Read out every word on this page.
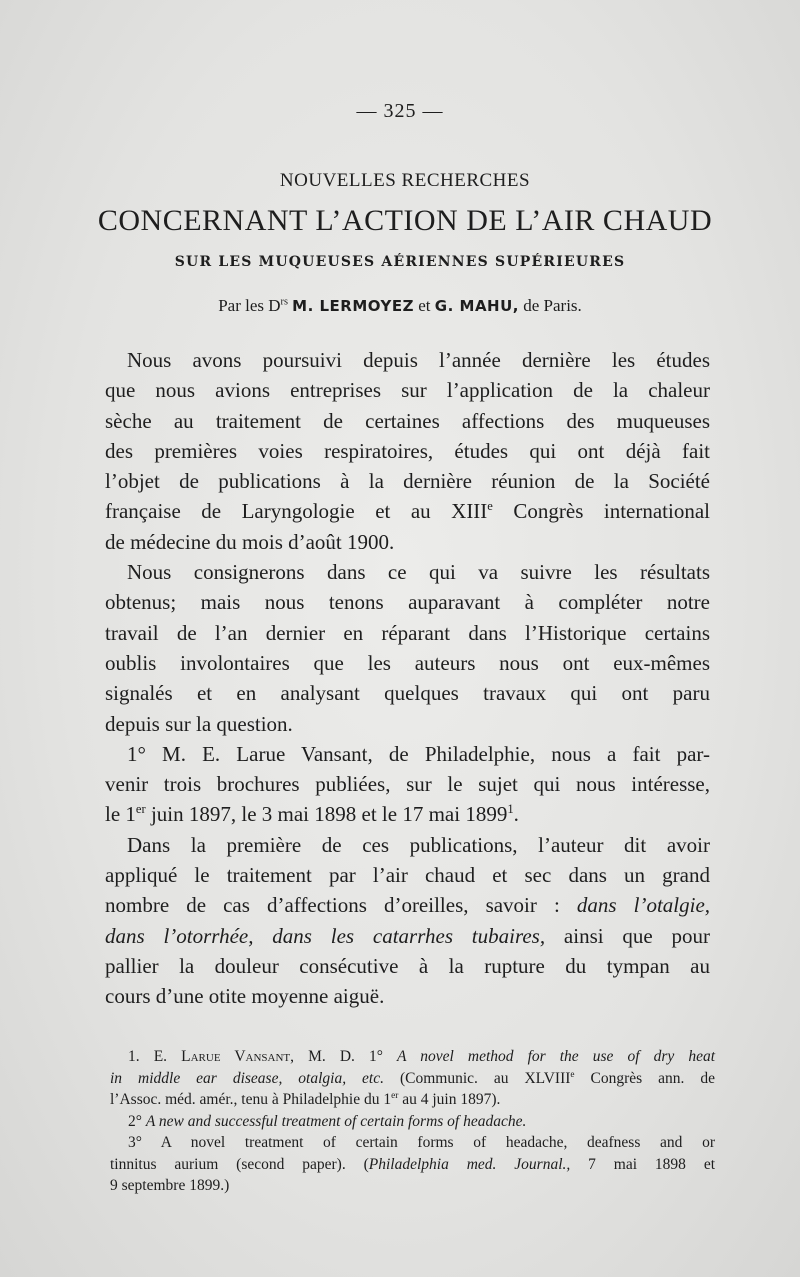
— 325 —
NOUVELLES RECHERCHES
CONCERNANT L’ACTION DE L’AIR CHAUD
SUR LES MUQUEUSES AÉRIENNES SUPÉRIEURES
Par les $D^{rs}$ M. LERMOYEZ et G. MAHU, de Paris.
Nous avons poursuivi depuis l’année dernière les études
que nous avions entreprises sur l’application de la chaleur
sèche au traitement de certaines affections des muqueuses
des premières voies respiratoires, études qui ont déjà fait
l’objet de publications à la dernière réunion de la Société
française de Laryngologie et au XIIIe Congrès international
de médecine du mois d’août 1900.
Nous consignerons dans ce qui va suivre les résultats
obtenus; mais nous tenons auparavant à compléter notre
travail de l’an dernier en réparant dans l’Historique certains
oublis involontaires que les auteurs nous ont eux-mêmes
signalés et en analysant quelques travaux qui ont paru
depuis sur la question.
1° M. E. Larue Vansant, de Philadelphie, nous a fait par-
venir trois brochures publiées, sur le sujet qui nous intéresse,
le 1er juin 1897, le 3 mai 1898 et le 17 mai 1899$^1$.
Dans la première de ces publications, l’auteur dit avoir
appliqué le traitement par l’air chaud et sec dans un grand
nombre de cas d’affections d’oreilles, savoir : dans l’otalgie,
dans l’otorrhée, dans les catarrhes tubaires, ainsi que pour
pallier la douleur consécutive à la rupture du tympan au
cours d’une otite moyenne aiguë.
1. E. Larue Vansant, M. D. 1° A novel method for the use of dry heat
in middle ear disease, otalgia, etc. (Communic. au XLVIIIe Congrès ann. de
l’Assoc. méd. amér., tenu à Philadelphie du 1er au 4 juin 1897).
2° A new and successful treatment of certain forms of headache.
3° A novel treatment of certain forms of headache, deafness and or
tinnitus aurium (second paper). (Philadelphia med. Journal., 7 mai 1898 et
9 septembre 1899.)
